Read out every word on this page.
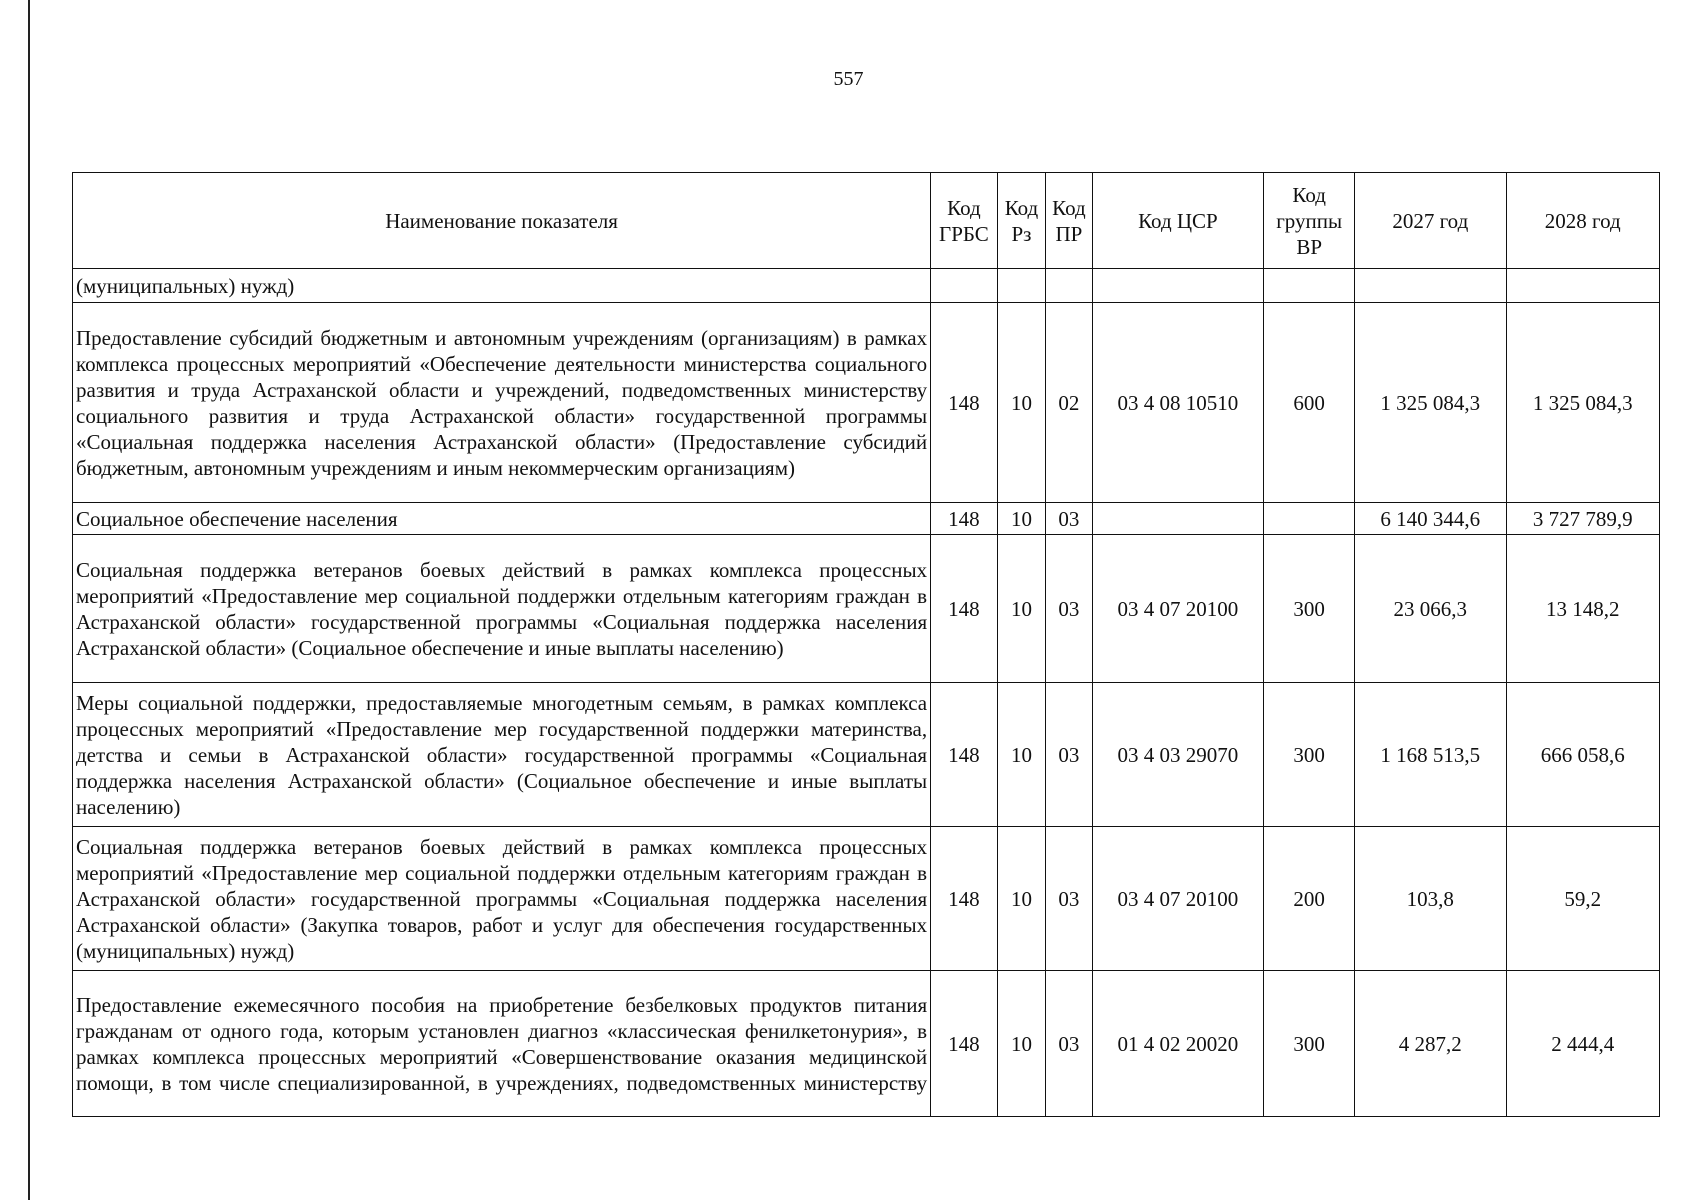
557
Наименование показателя	Код ГРБС	Код Рз	Код ПР	Код ЦСР	Код группы ВР	2027 год	2028 год
(муниципальных) нужд)							
Предоставление субсидий бюджетным и автономным учреждениям (организациям) в рамках комплекса процессных мероприятий «Обеспечение деятельности министерства социального развития и труда Астраханской области и учреждений, подведомственных министерству социального развития и труда Астраханской области» государственной программы «Социальная поддержка населения Астраханской области» (Предоставление субсидий бюджетным, автономным учреждениям и иным некоммерческим организациям)	148	10	02	03 4 08 10510	600	1 325 084,3	1 325 084,3
Социальное обеспечение населения	148	10	03			6 140 344,6	3 727 789,9
Социальная поддержка ветеранов боевых действий в рамках комплекса процессных мероприятий «Предоставление мер социальной поддержки отдельным категориям граждан в Астраханской области» государственной программы «Социальная поддержка населения Астраханской области» (Социальное обеспечение и иные выплаты населению)	148	10	03	03 4 07 20100	300	23 066,3	13 148,2
Меры социальной поддержки, предоставляемые многодетным семьям, в рамках комплекса процессных мероприятий «Предоставление мер государственной поддержки материнства, детства и семьи в Астраханской области» государственной программы «Социальная поддержка населения Астраханской области» (Социальное обеспечение и иные выплаты населению)	148	10	03	03 4 03 29070	300	1 168 513,5	666 058,6
Социальная поддержка ветеранов боевых действий в рамках комплекса процессных мероприятий «Предоставление мер социальной поддержки отдельным категориям граждан в Астраханской области» государственной программы «Социальная поддержка населения Астраханской области» (Закупка товаров, работ и услуг для обеспечения государственных (муниципальных) нужд)	148	10	03	03 4 07 20100	200	103,8	59,2
Предоставление ежемесячного пособия на приобретение безбелковых продуктов питания гражданам от одного года, которым установлен диагноз «классическая фенилкетонурия», в рамках комплекса процессных мероприятий «Совершенствование оказания медицинской помощи, в том числе специализированной, в учреждениях, подведомственных министерству	148	10	03	01 4 02 20020	300	4 287,2	2 444,4
